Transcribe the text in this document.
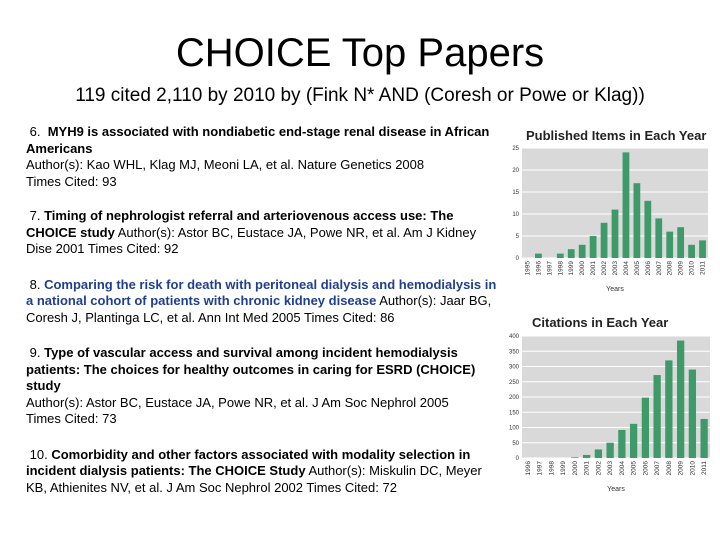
CHOICE Top Papers
119 cited 2,110 by 2010 by (Fink N* AND (Coresh or Powe or Klag))

6. MYH9 is associated with nondiabetic end-stage renal disease in African Americans
Author(s): Kao WHL, Klag MJ, Meoni LA, et al. Nature Genetics 2008
Times Cited: 93

7. Timing of nephrologist referral and arteriovenous access use: The CHOICE study Author(s): Astor BC, Eustace JA, Powe NR, et al. Am J Kidney Dise 2001 Times Cited: 92

8. Comparing the risk for death with peritoneal dialysis and hemodialysis in a national cohort of patients with chronic kidney disease Author(s): Jaar BG, Coresh J, Plantinga LC, et al. Ann Int Med 2005 Times Cited: 86

9. Type of vascular access and survival among incident hemodialysis patients: The choices for healthy outcomes in caring for ESRD (CHOICE) study
Author(s): Astor BC, Eustace JA, Powe NR, et al. J Am Soc Nephrol 2005
Times Cited: 73

10. Comorbidity and other factors associated with modality selection in incident dialysis patients: The CHOICE Study Author(s): Miskulin DC, Meyer KB, Athienites NV, et al. J Am Soc Nephrol 2002 Times Cited: 72

Published Items in Each Year
0
5
10
15
20
25
1995 1996 1997 1998 1999 2000 2001 2002 2003 2004 2005 2006 2007 2008 2009 2010 2011
Years
Citations in Each Year
0
50
100
150
200
250
300
350
400
1996 1997 1998 1999 2000 2001 2002 2003 2004 2005 2006 2007 2008 2009 2010 2011
Years
